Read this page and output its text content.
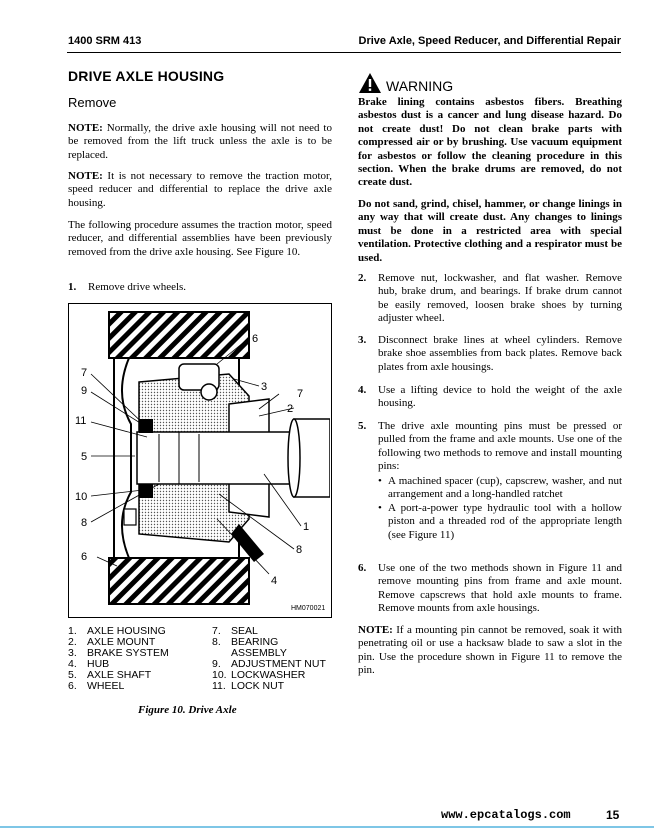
1400 SRM 413	Drive Axle, Speed Reducer, and Differential Repair
DRIVE AXLE HOUSING
Remove
NOTE: Normally, the drive axle housing will not need to be removed from the lift truck unless the axle is to be replaced.
NOTE: It is not necessary to remove the traction motor, speed reducer and differential to replace the drive axle housing.
The following procedure assumes the traction motor, speed reducer, and differential assemblies have been previously removed from the drive axle housing. See Figure 10.
1. Remove drive wheels.
6
3
7
2
7
9
11
5
10
8
6
1
8
4
HM070021
1. AXLE HOUSING
2. AXLE MOUNT
3. BRAKE SYSTEM
4. HUB
5. AXLE SHAFT
6. WHEEL
7. SEAL
8. BEARING
ASSEMBLY
9. ADJUSTMENT NUT
10. LOCKWASHER
11. LOCK NUT
Figure 10. Drive Axle
WARNING
Brake lining contains asbestos fibers. Breathing asbestos dust is a cancer and lung disease hazard. Do not create dust! Do not clean brake parts with compressed air or by brushing. Use vacuum equipment for asbestos or follow the cleaning procedure in this section. When the brake drums are removed, do not create dust.
Do not sand, grind, chisel, hammer, or change linings in any way that will create dust. Any changes to linings must be done in a restricted area with special ventilation. Protective clothing and a respirator must be used.
2. Remove nut, lockwasher, and flat washer. Remove hub, brake drum, and bearings. If brake drum cannot be easily removed, loosen brake shoes by turning adjuster wheel.
3. Disconnect brake lines at wheel cylinders. Remove brake shoe assemblies from back plates. Remove back plates from axle housings.
4. Use a lifting device to hold the weight of the axle housing.
5. The drive axle mounting pins must be pressed or pulled from the frame and axle mounts. Use one of the following two methods to remove and install mounting pins:
• A machined spacer (cup), capscrew, washer, and nut arrangement and a long-handled ratchet
• A port-a-power type hydraulic tool with a hollow piston and a threaded rod of the appropriate length (see Figure 11)
6. Use one of the two methods shown in Figure 11 and remove mounting pins from frame and axle mount. Remove capscrews that hold axle mounts to frame. Remove mounts from axle housings.
NOTE: If a mounting pin cannot be removed, soak it with penetrating oil or use a hacksaw blade to saw a slot in the pin. Use the procedure shown in Figure 11 to remove the pin.
www.epcatalogs.com	15
